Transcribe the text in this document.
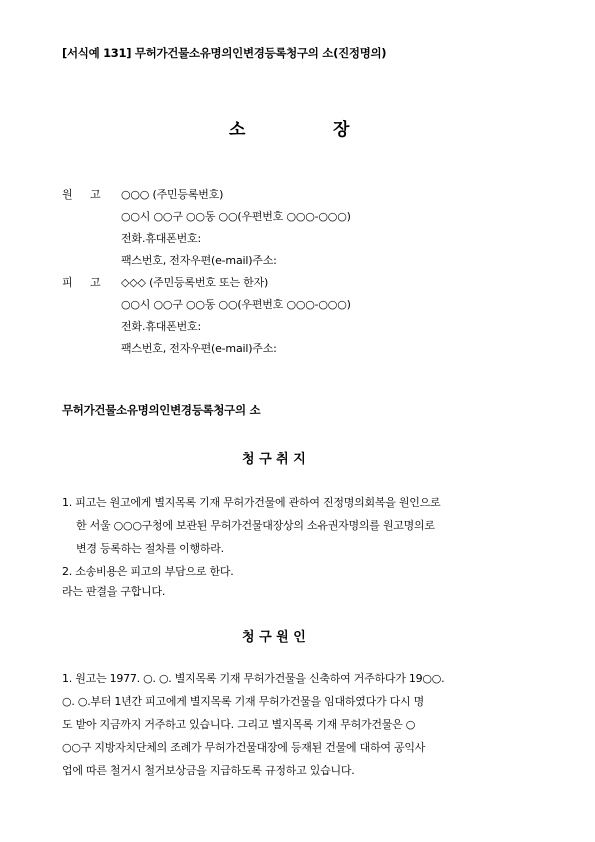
[서식예 131] 무허가건물소유명의인변경등록청구의 소(진정명의)
소	장
원 고 ○○○ (주민등록번호)
○○시 ○○구 ○○동 ○○(우편번호 ○○○-○○○)
전화․휴대폰번호:
팩스번호, 전자우편(e-mail)주소:
피 고 ◇◇◇ (주민등록번호 또는 한자)
○○시 ○○구 ○○동 ○○(우편번호 ○○○-○○○)
전화․휴대폰번호:
팩스번호, 전자우편(e-mail)주소:
무허가건물소유명의인변경등록청구의 소
청 구 취 지
1. 피고는 원고에게 별지목록 기재 무허가건물에 관하여 진정명의회복을 원인으로
한 서울 ○○○구청에 보관된 무허가건물대장상의 소유권자명의를 원고명의로
변경 등록하는 절차를 이행하라.
2. 소송비용은 피고의 부담으로 한다.
라는 판결을 구합니다.
청 구 원 인
1. 원고는 1977. ○. ○. 별지목록 기재 무허가건물을 신축하여 거주하다가 19○○.
○. ○.부터 1년간 피고에게 별지목록 기재 무허가건물을 임대하였다가 다시 명
도 받아 지금까지 거주하고 있습니다. 그리고 별지목록 기재 무허가건물은 ○
○○구 지방자치단체의 조례가 무허가건물대장에 등재된 건물에 대하여 공익사
업에 따른 철거시 철거보상금을 지급하도록 규정하고 있습니다.
